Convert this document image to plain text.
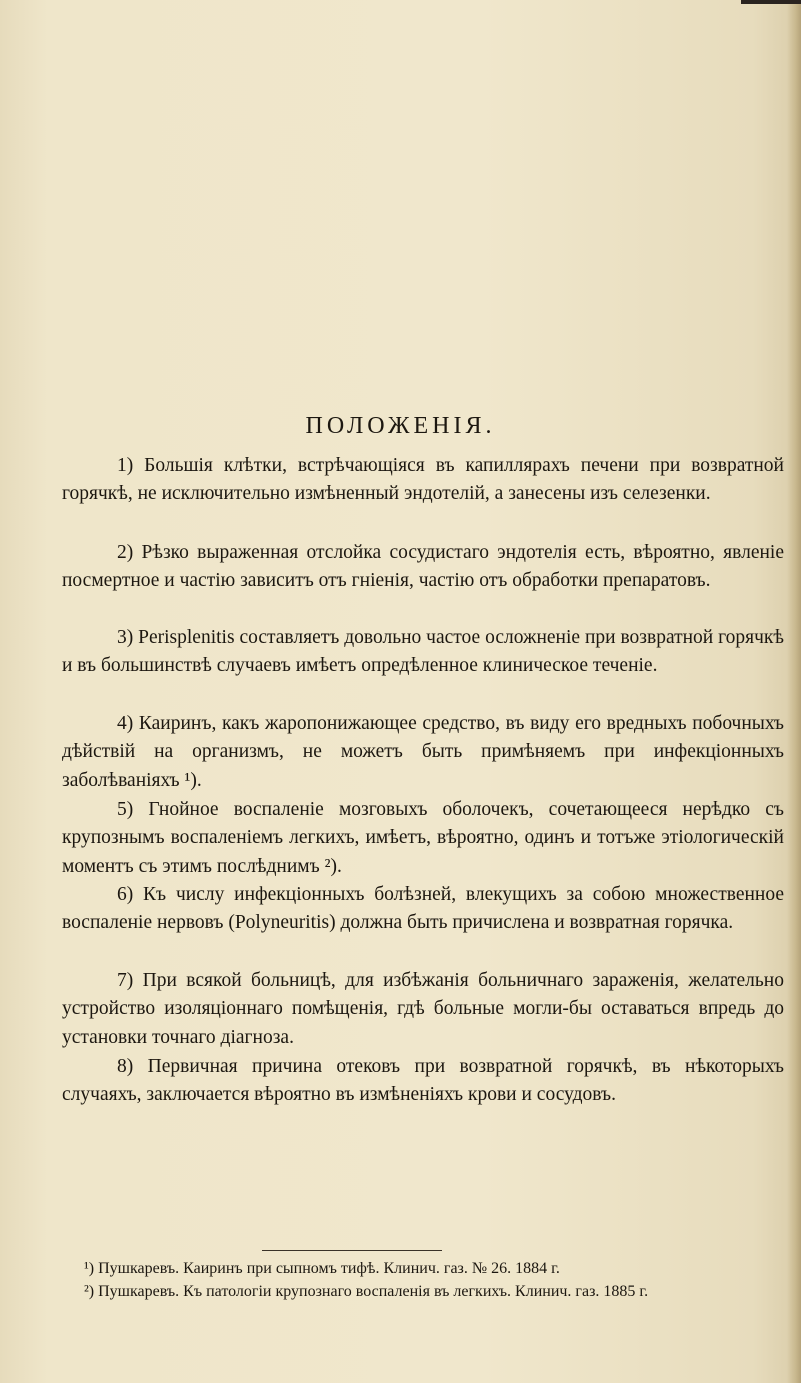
ПОЛОЖЕНІЯ.
1) Большія клѣтки, встрѣчающіяся въ капиллярахъ печени при возвратной горячкѣ, не исключительно измѣненный эндотелій, а занесены изъ селезенки.
2) Рѣзко выраженная отслойка сосудистаго эндотелія есть, вѣроятно, явленіе посмертное и частію зависитъ отъ гніенія, частію отъ обработки препаратовъ.
3) Perisplenitis составляетъ довольно частое осложненіе при возвратной горячкѣ и въ большинствѣ случаевъ имѣетъ опредѣленное клиническое теченіе.
4) Каиринъ, какъ жаропонижающее средство, въ виду его вредныхъ побочныхъ дѣйствій на организмъ, не можетъ быть примѣняемъ при инфекціонныхъ заболѣваніяхъ ¹).
5) Гнойное воспаленіе мозговыхъ оболочекъ, сочетающееся нерѣдко съ крупознымъ воспаленіемъ легкихъ, имѣетъ, вѣроятно, одинъ и тотъже этіологическій моментъ съ этимъ послѣднимъ ²).
6) Къ числу инфекціонныхъ болѣзней, влекущихъ за собою множественное воспаленіе нервовъ (Polyneuritis) должна быть причислена и возвратная горячка.
7) При всякой больницѣ, для избѣжанія больничнаго зараженія, желательно устройство изоляціоннаго помѣщенія, гдѣ больные могли-бы оставаться впредь до установки точнаго діагноза.
8) Первичная причина отековъ при возвратной горячкѣ, въ нѣкоторыхъ случаяхъ, заключается вѣроятно въ измѣненіяхъ крови и сосудовъ.
¹) Пушкаревъ. Каиринъ при сыпномъ тифѣ. Клинич. газ. № 26. 1884 г.
²) Пушкаревъ. Къ патологіи крупознаго воспаленія въ легкихъ. Клинич. газ. 1885 г.
